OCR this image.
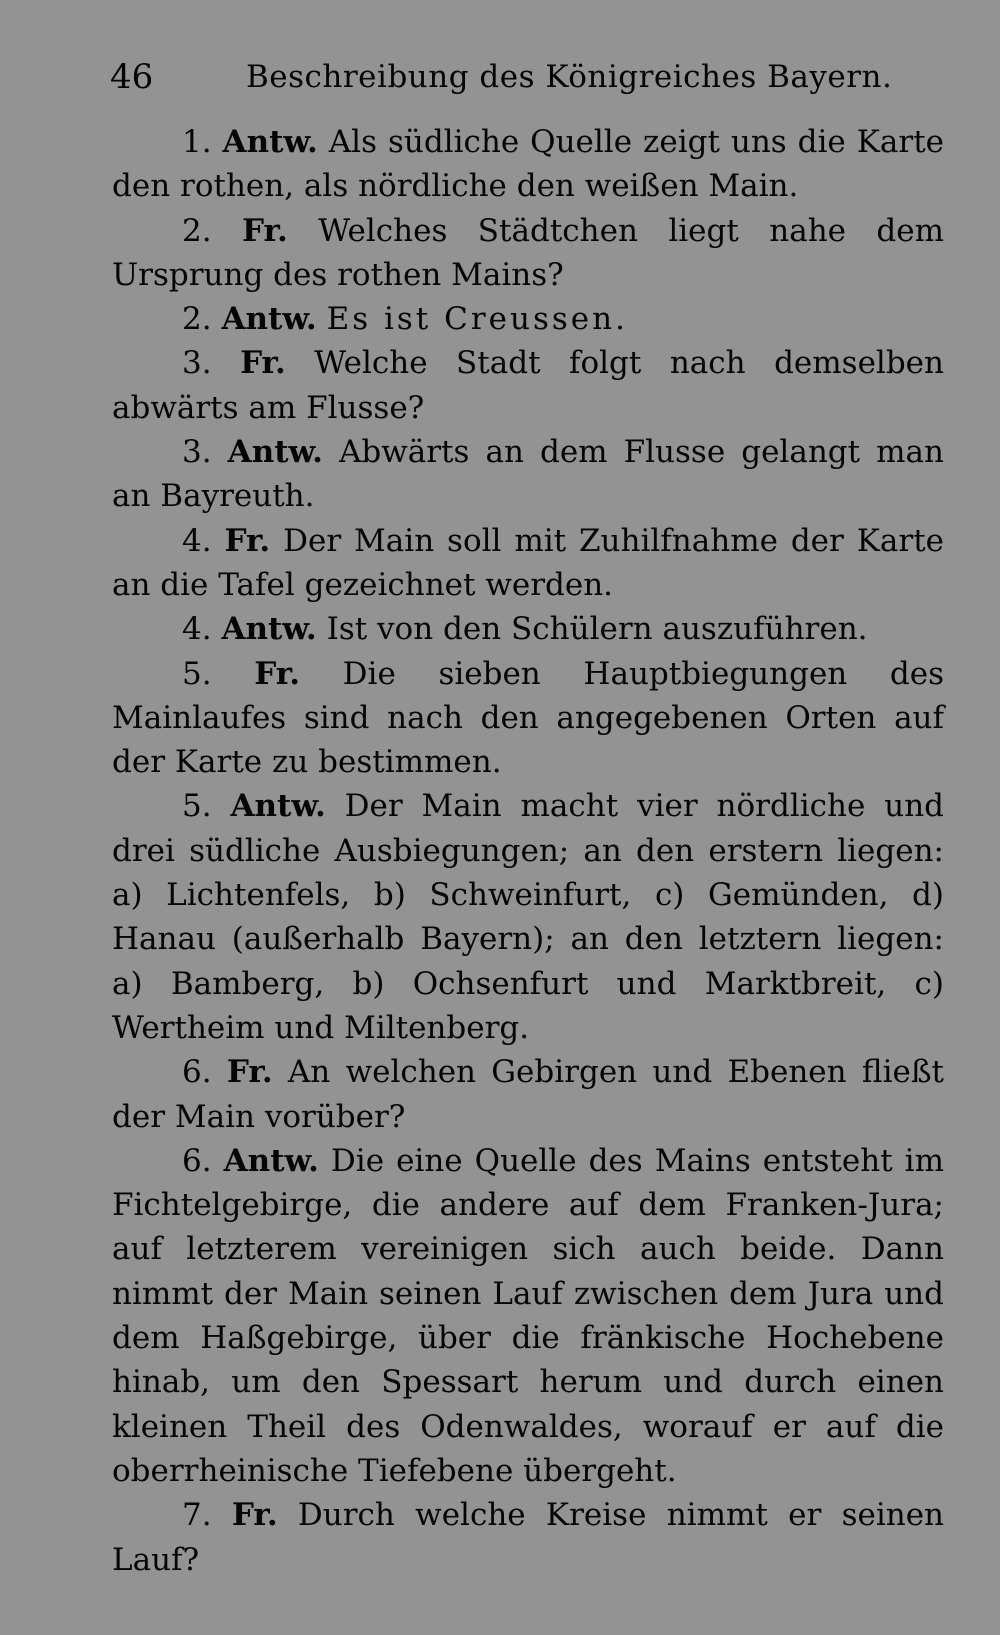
46	Beschreibung des Königreiches Bayern.

1. Antw. Als südliche Quelle zeigt uns die Karte den rothen, als nördliche den weißen Main.

2. Fr. Welches Städtchen liegt nahe dem Ursprung des rothen Mains?

2. Antw. Es ist Creussen.

3. Fr. Welche Stadt folgt nach demselben abwärts am Flusse?

3. Antw. Abwärts an dem Flusse gelangt man an Bayreuth.

4. Fr. Der Main soll mit Zuhilfnahme der Karte an die Tafel gezeichnet werden.

4. Antw. Ist von den Schülern auszuführen.

5. Fr. Die sieben Hauptbiegungen des Mainlaufes sind nach den angegebenen Orten auf der Karte zu bestimmen.

5. Antw. Der Main macht vier nördliche und drei südliche Ausbiegungen; an den erstern liegen: a) Lichtenfels, b) Schweinfurt, c) Gemünden, d) Hanau (außerhalb Bayern); an den letztern liegen: a) Bamberg, b) Ochsenfurt und Marktbreit, c) Wertheim und Miltenberg.

6. Fr. An welchen Gebirgen und Ebenen fließt der Main vorüber?

6. Antw. Die eine Quelle des Mains entsteht im Fichtelgebirge, die andere auf dem Franken-Jura; auf letzterem vereinigen sich auch beide. Dann nimmt der Main seinen Lauf zwischen dem Jura und dem Haßgebirge, über die fränkische Hochebene hinab, um den Spessart herum und durch einen kleinen Theil des Odenwaldes, worauf er auf die oberrheinische Tiefebene übergeht.

7. Fr. Durch welche Kreise nimmt er seinen Lauf?
